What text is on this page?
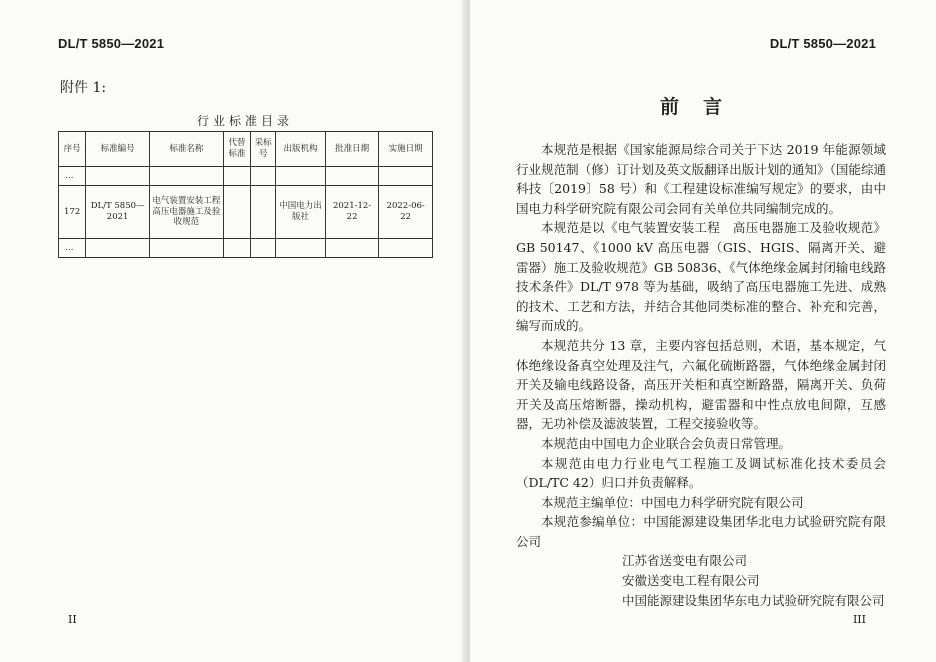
DL/T 5850—2021
附件 1:
行业标准目录
序号	标准编号	标准名称	代替标准	采标号	出版机构	批准日期	实施日期
…							
172	DL/T 5850—2021	电气装置安装工程　高压电器施工及验收规范			中国电力出版社	2021-12-22	2022-06-22
…							
II
DL/T 5850—2021
前言

本规范是根据《国家能源局综合司关于下达 2019 年能源领域行业规范制（修）订计划及英文版翻译出版计划的通知》（国能综通科技〔2019〕58 号）和《工程建设标准编写规定》的要求，由中国电力科学研究院有限公司会同有关单位共同编制完成的。

本规范是以《电气装置安装工程　高压电器施工及验收规范》GB 50147、《1000 kV 高压电器（GIS、HGIS、隔离开关、避雷器）施工及验收规范》GB 50836、《气体绝缘金属封闭输电线路技术条件》DL/T 978 等为基础，吸纳了高压电器施工先进、成熟的技术、工艺和方法，并结合其他同类标准的整合、补充和完善，编写而成的。

本规范共分 13 章，主要内容包括总则，术语，基本规定，气体绝缘设备真空处理及注气，六氟化硫断路器，气体绝缘金属封闭开关及输电线路设备，高压开关柜和真空断路器，隔离开关、负荷开关及高压熔断器，操动机构，避雷器和中性点放电间隙，互感器，无功补偿及滤波装置，工程交接验收等。

本规范由中国电力企业联合会负责日常管理。

本规范由电力行业电气工程施工及调试标准化技术委员会（DL/TC 42）归口并负责解释。

本规范主编单位：中国电力科学研究院有限公司
本规范参编单位：中国能源建设集团华北电力试验研究院有限公司
江苏省送变电有限公司
安徽送变电工程有限公司
中国能源建设集团华东电力试验研究院有限公司
III
